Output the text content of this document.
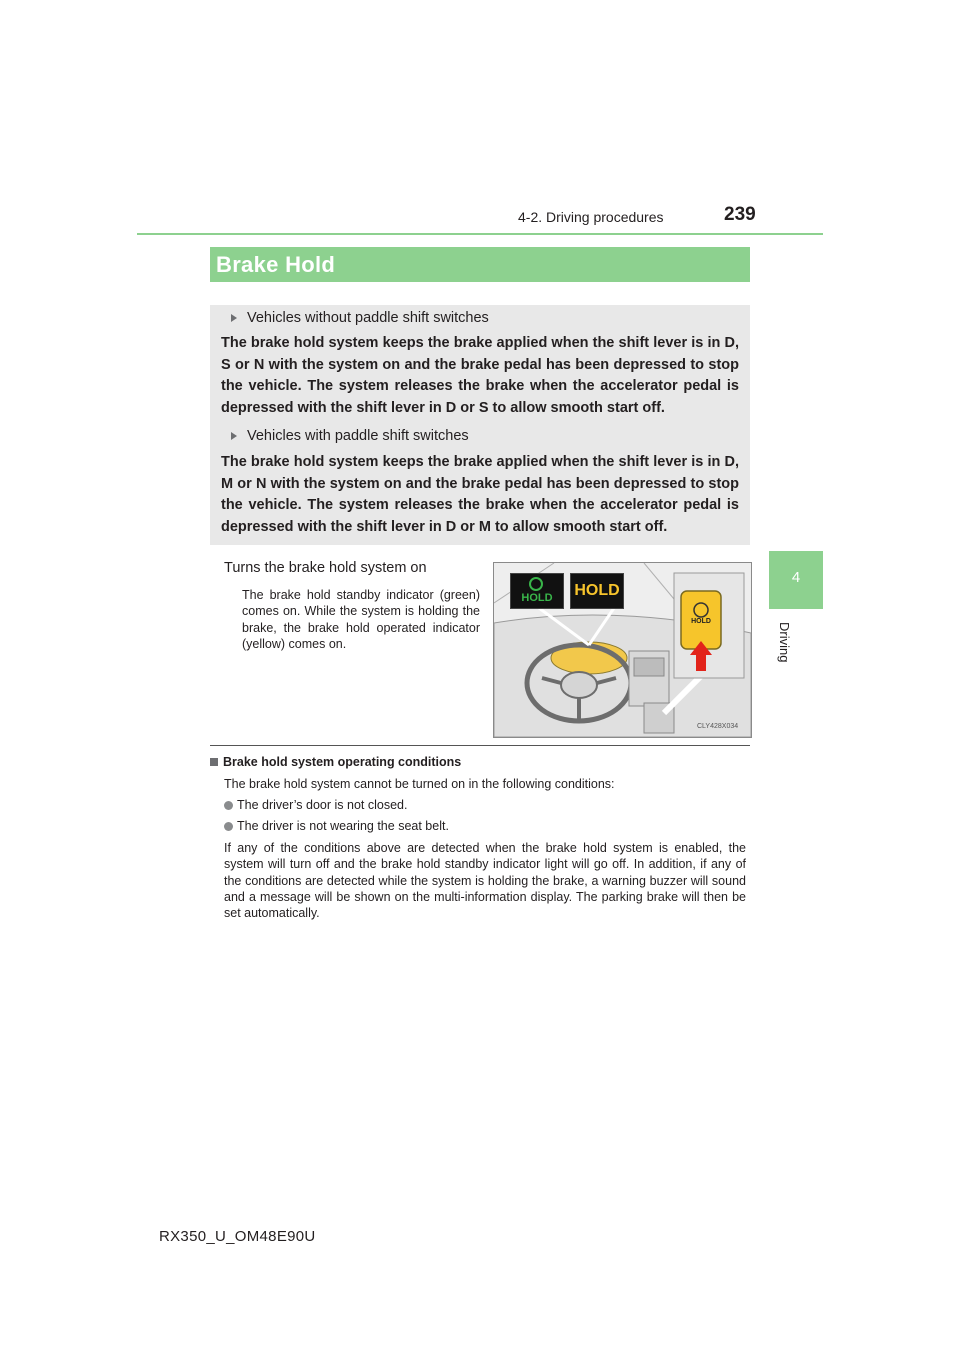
4-2. Driving procedures	239
4
Driving
Brake Hold
Vehicles without paddle shift switches
The brake hold system keeps the brake applied when the shift lever is in D, S or N with the system on and the brake pedal has been depressed to stop the vehicle. The system releases the brake when the accelerator pedal is depressed with the shift lever in D or S to allow smooth start off.
Vehicles with paddle shift switches
The brake hold system keeps the brake applied when the shift lever is in D, M or N with the system on and the brake pedal has been depressed to stop the vehicle. The system releases the brake when the accelerator pedal is depressed with the shift lever in D or M to allow smooth start off.
Turns the brake hold system on
The brake hold standby indicator (green) comes on. While the system is holding the brake, the brake hold operated indicator (yellow) comes on.
HOLD	HOLD
HOLD
CLY428X034
Brake hold system operating conditions
The brake hold system cannot be turned on in the following conditions:
The driver’s door is not closed.
The driver is not wearing the seat belt.
If any of the conditions above are detected when the brake hold system is enabled, the system will turn off and the brake hold standby indicator light will go off. In addition, if any of the conditions are detected while the system is holding the brake, a warning buzzer will sound and a message will be shown on the multi-information display. The parking brake will then be set automatically.
RX350_U_OM48E90U
